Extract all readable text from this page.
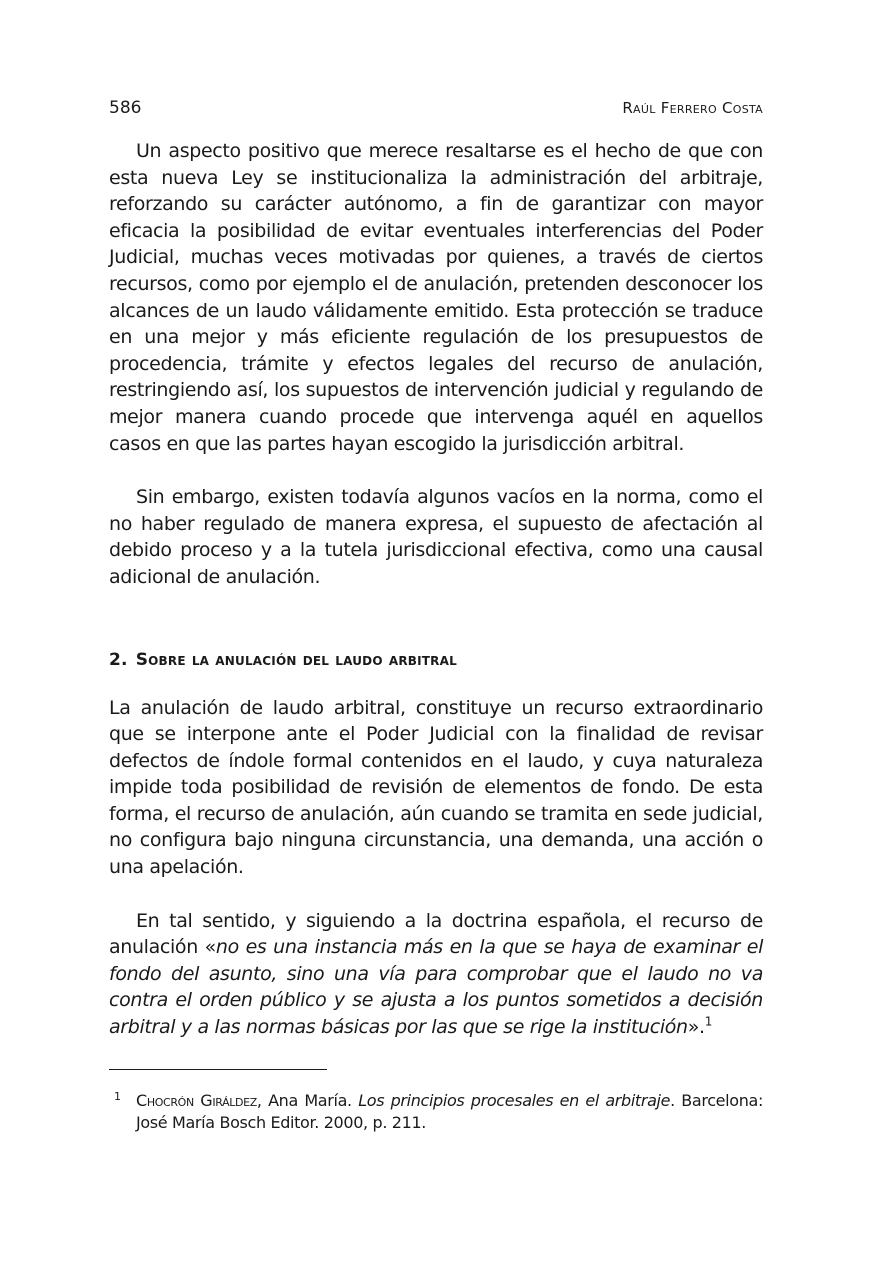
586	Raúl Ferrero Costa

Un aspecto positivo que merece resaltarse es el hecho de que con esta nueva Ley se institucionaliza la administración del arbitraje, reforzando su carácter autónomo, a fin de garantizar con mayor eficacia la posibilidad de evitar eventuales interferencias del Poder Judicial, muchas veces motivadas por quienes, a través de ciertos recursos, como por ejemplo el de anulación, pretenden desconocer los alcances de un laudo válidamente emitido. Esta protección se traduce en una mejor y más eficiente regulación de los presupuestos de procedencia, trámite y efectos legales del recurso de anulación, restringiendo así, los supuestos de intervención judicial y regulando de mejor manera cuando procede que intervenga aquél en aquellos casos en que las partes hayan escogido la jurisdicción arbitral.

Sin embargo, existen todavía algunos vacíos en la norma, como el no haber regulado de manera expresa, el supuesto de afectación al debido proceso y a la tutela jurisdiccional efectiva, como una causal adicional de anulación.

2. Sobre la anulación del laudo arbitral

La anulación de laudo arbitral, constituye un recurso extraordinario que se interpone ante el Poder Judicial con la finalidad de revisar defectos de índole formal contenidos en el laudo, y cuya naturaleza impide toda posibilidad de revisión de elementos de fondo. De esta forma, el recurso de anulación, aún cuando se tramita en sede judicial, no configura bajo ninguna circunstancia, una demanda, una acción o una apelación.

En tal sentido, y siguiendo a la doctrina española, el recurso de anulación «no es una instancia más en la que se haya de examinar el fondo del asunto, sino una vía para comprobar que el laudo no va contra el orden público y se ajusta a los puntos sometidos a decisión arbitral y a las normas básicas por las que se rige la institución».$^1$

1 Chocrón Giráldez, Ana María. Los principios procesales en el arbitraje. Barcelona: José María Bosch Editor. 2000, p. 211.
